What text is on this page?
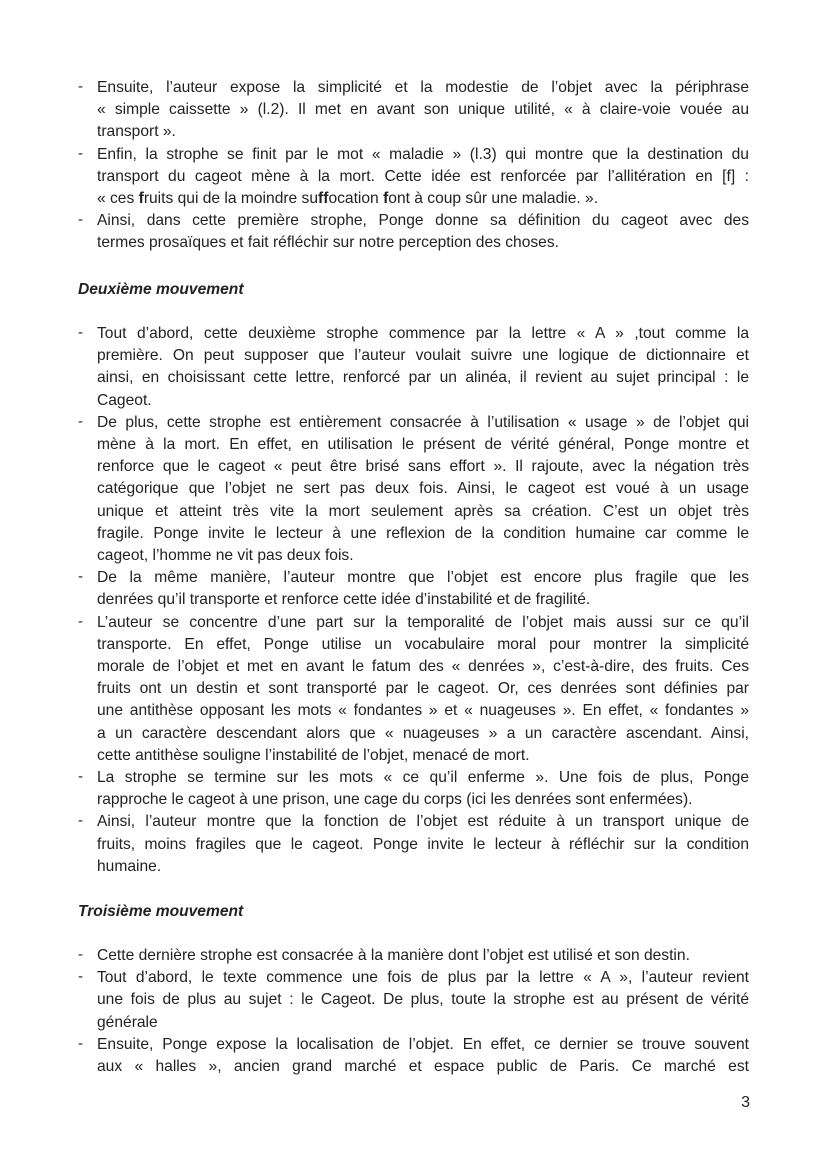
- Ensuite, l’auteur expose la simplicité et la modestie de l’objet avec la périphrase
« simple caissette » (l.2). Il met en avant son unique utilité, « à claire-voie vouée au
transport ».
- Enfin, la strophe se finit par le mot « maladie » (l.3) qui montre que la destination du
transport du cageot mène à la mort. Cette idée est renforcée par l’allitération en [f] :
« ces fruits qui de la moindre suffocation font à coup sûr une maladie. ».
- Ainsi, dans cette première strophe, Ponge donne sa définition du cageot avec des
termes prosaïques et fait réfléchir sur notre perception des choses.
Deuxième mouvement
- Tout d’abord, cette deuxième strophe commence par la lettre « A » ,tout comme la
première. On peut supposer que l’auteur voulait suivre une logique de dictionnaire et
ainsi, en choisissant cette lettre, renforcé par un alinéa, il revient au sujet principal : le
Cageot.
- De plus, cette strophe est entièrement consacrée à l’utilisation « usage » de l’objet qui
mène à la mort. En effet, en utilisation le présent de vérité général, Ponge montre et
renforce que le cageot « peut être brisé sans effort ». Il rajoute, avec la négation très
catégorique que l’objet ne sert pas deux fois. Ainsi, le cageot est voué à un usage
unique et atteint très vite la mort seulement après sa création. C’est un objet très
fragile. Ponge invite le lecteur à une reflexion de la condition humaine car comme le
cageot, l’homme ne vit pas deux fois.
- De la même manière, l’auteur montre que l’objet est encore plus fragile que les
denrées qu’il transporte et renforce cette idée d’instabilité et de fragilité.
- L’auteur se concentre d’une part sur la temporalité de l’objet mais aussi sur ce qu’il
transporte. En effet, Ponge utilise un vocabulaire moral pour montrer la simplicité
morale de l’objet et met en avant le fatum des « denrées », c’est-à-dire, des fruits. Ces
fruits ont un destin et sont transporté par le cageot. Or, ces denrées sont définies par
une antithèse opposant les mots « fondantes » et « nuageuses ». En effet, « fondantes »
a un caractère descendant alors que « nuageuses » a un caractère ascendant. Ainsi,
cette antithèse souligne l’instabilité de l’objet, menacé de mort.
- La strophe se termine sur les mots « ce qu’il enferme ». Une fois de plus, Ponge
rapproche le cageot à une prison, une cage du corps (ici les denrées sont enfermées).
- Ainsi, l’auteur montre que la fonction de l’objet est réduite à un transport unique de
fruits, moins fragiles que le cageot. Ponge invite le lecteur à réfléchir sur la condition
humaine.
Troisième mouvement
- Cette dernière strophe est consacrée à la manière dont l’objet est utilisé et son destin.
- Tout d’abord, le texte commence une fois de plus par la lettre « A », l’auteur revient
une fois de plus au sujet : le Cageot. De plus, toute la strophe est au présent de vérité
générale
- Ensuite, Ponge expose la localisation de l’objet. En effet, ce dernier se trouve souvent
aux « halles », ancien grand marché et espace public de Paris. Ce marché est
3
